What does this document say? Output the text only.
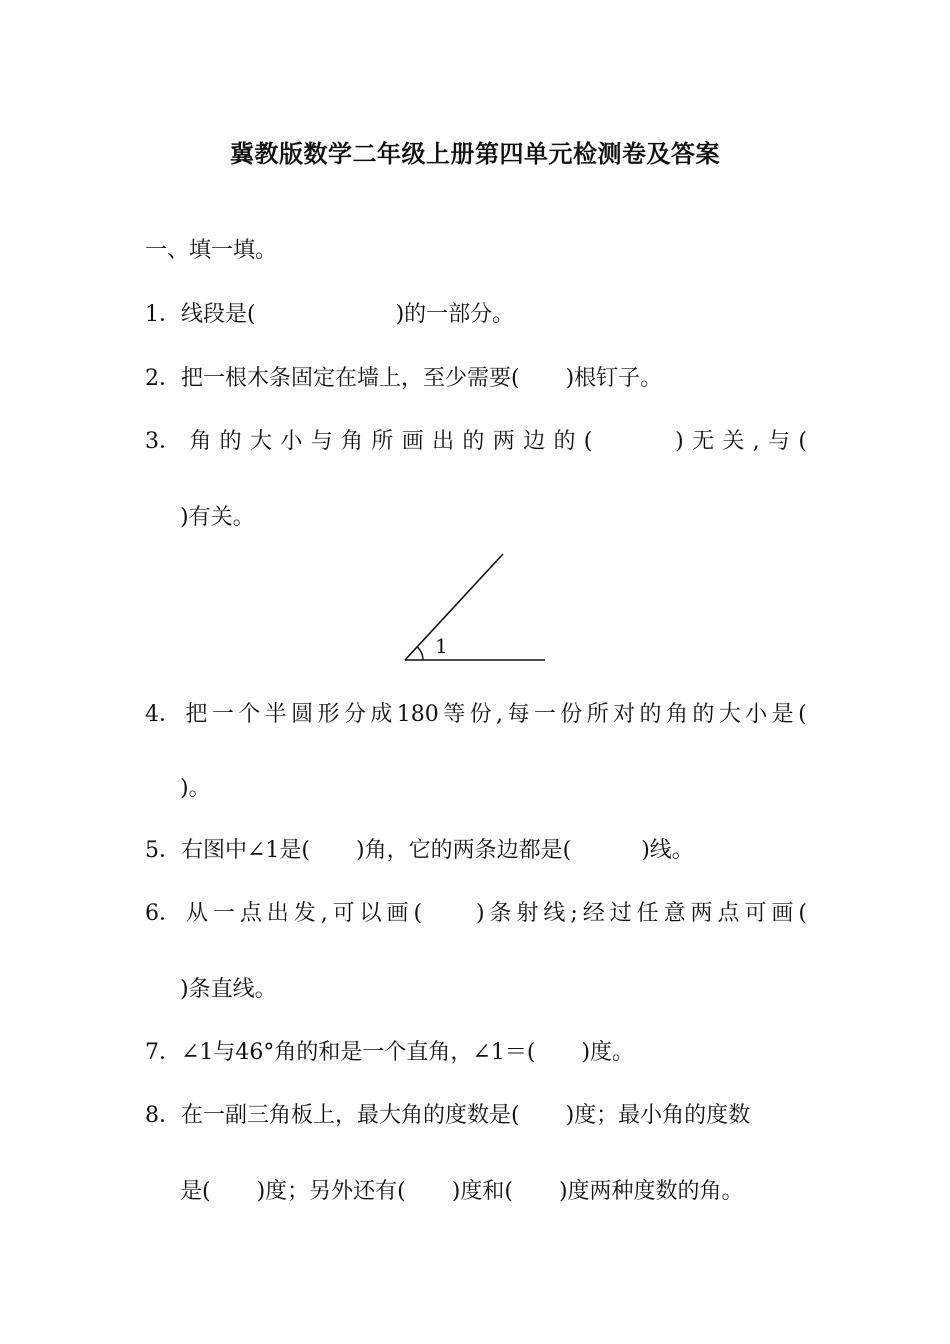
冀教版数学二年级上册第四单元检测卷及答案
一、填一填。
1．线段是(	)的一部分。
2．把一根木条固定在墙上，至少需要( )根钉子。
3． 角 的 大 小 与 角 所 画 出 的 两 边 的 (
　　　	) 无 关 , 与 (
)有关。
1
4． 把 一 个 半 圆 形 分 成 180 等 份 , 每 一 份 所 对 的 角 的 大 小 是 (
)。
5．右图中∠1是( )角，它的两条边都是(	)线。
6． 从 一 点 出 发 , 可 以 画 (
　　 ) 条 射 线 ; 经 过 任 意 两 点 可 画 (
)条直线。
7．∠1与46°角的和是一个直角，∠1＝( )度。
8．在一副三角板上，最大角的度数是( )度；最小角的度数
是( )度；另外还有( )度和( )度两种度数的角。
